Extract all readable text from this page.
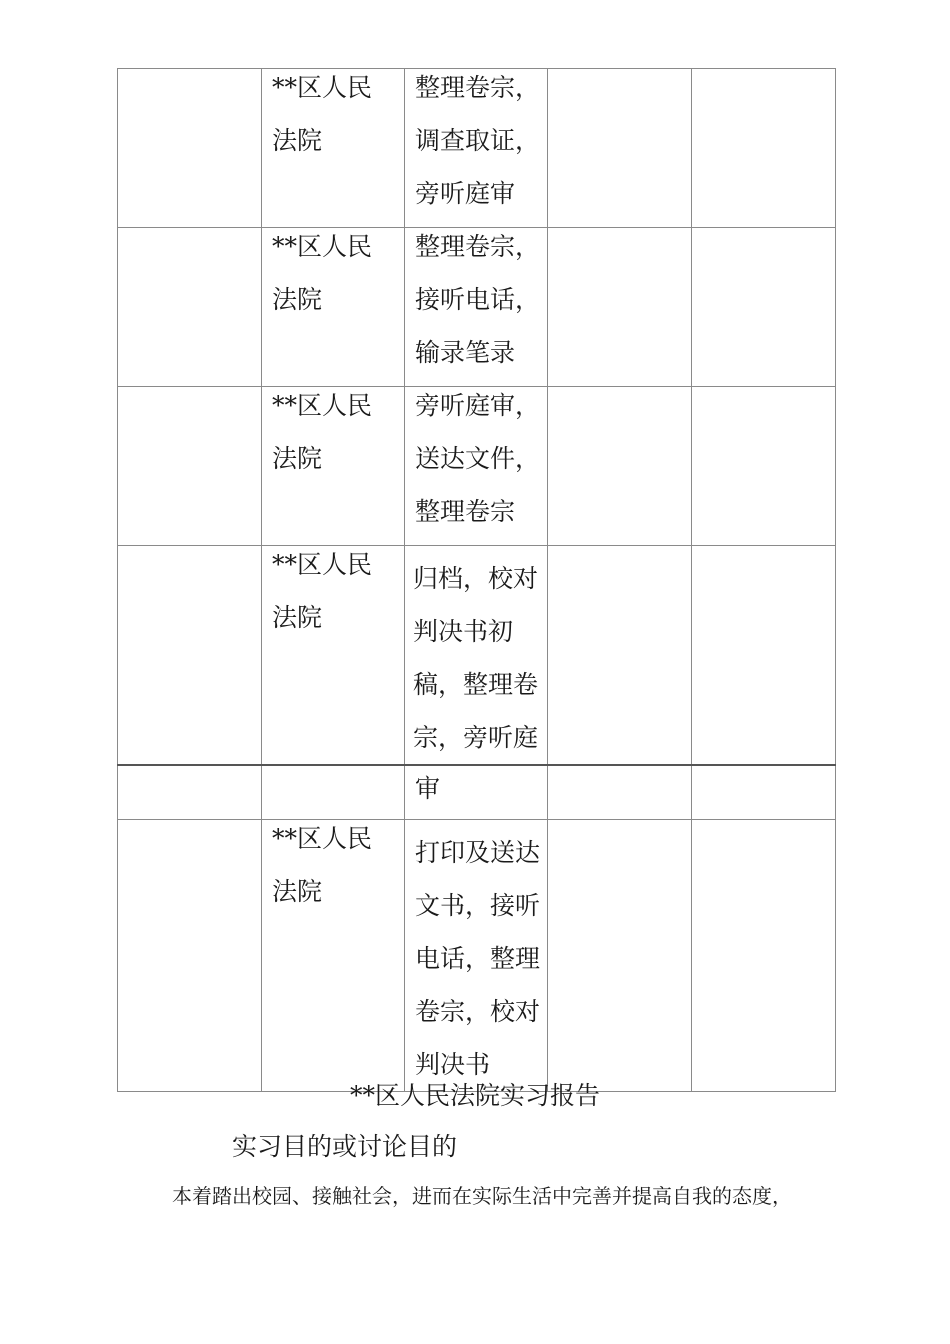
	**区人民法院	整理卷宗，调查取证，旁听庭审		

	**区人民法院	整理卷宗，接听电话，输录笔录		

	**区人民法院	旁听庭审，送达文件，整理卷宗		

	**区人民法院	归档，校对判决书初稿，整理卷宗，旁听庭		

		审		

	**区人民法院	打印及送达文书，接听电话，整理卷宗，校对判决书		

**区人民法院实习报告
实习目的或讨论目的
本着踏出校园、接触社会，进而在实际生活中完善并提高自我的态度，
